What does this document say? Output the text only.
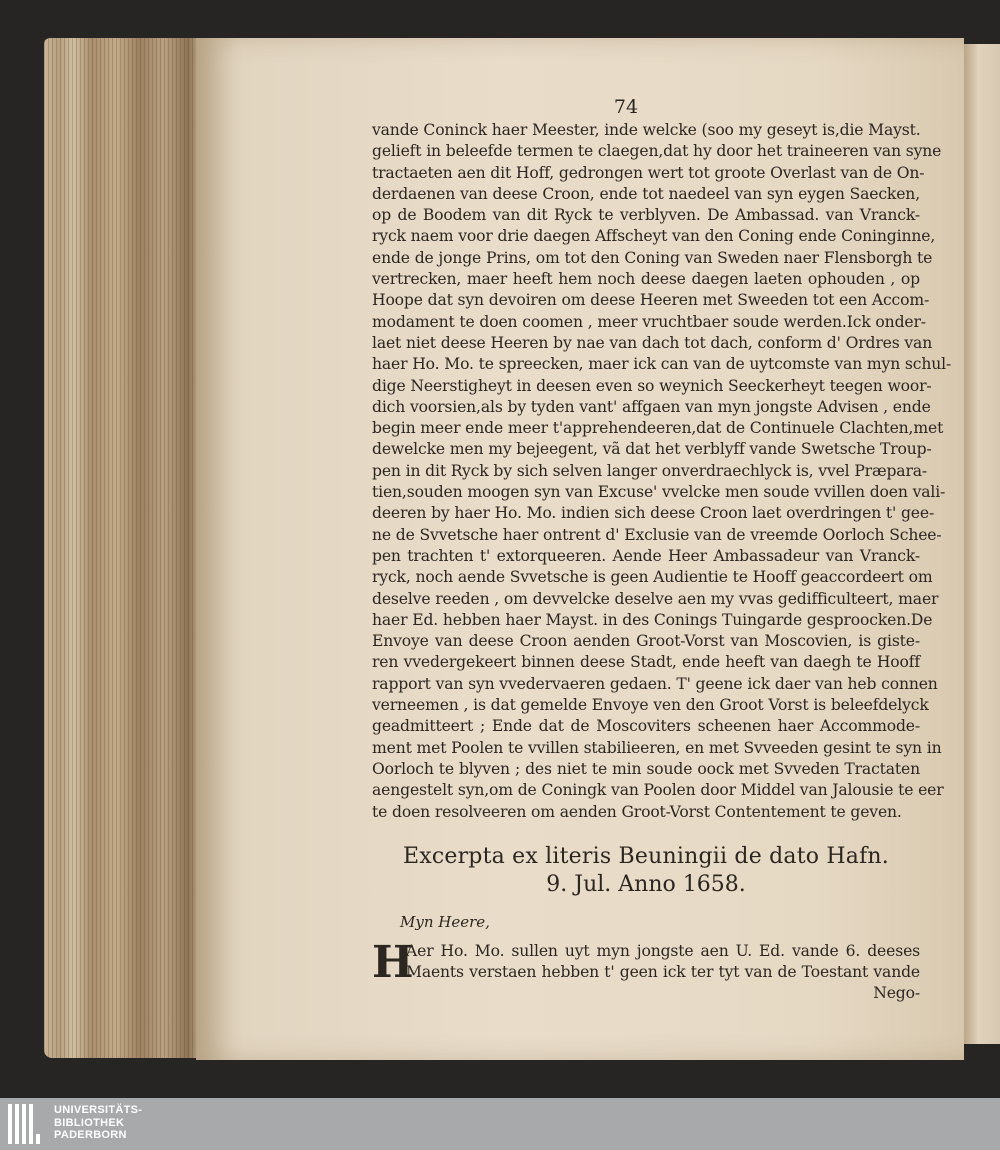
74
vande Coninck haer Meester, inde welcke (soo my geseyt is,die Mayst.
gelieft in beleefde termen te claegen,dat hy door het traineeren van syne
tractaeten aen dit Hoff, gedrongen wert tot groote Overlast van de On-
derdaenen van deese Croon, ende tot naedeel van syn eygen Saecken,
op de Boodem van dit Ryck te verblyven. De Ambassad. van Vranck-
ryck naem voor drie daegen Affscheyt van den Coning ende Coninginne,
ende de jonge Prins, om tot den Coning van Sweden naer Flensborgh te
vertrecken, maer heeft hem noch deese daegen laeten ophouden , op
Hoope dat syn devoiren om deese Heeren met Sweeden tot een Accom-
modament te doen coomen , meer vruchtbaer soude werden.Ick onder-
laet niet deese Heeren by nae van dach tot dach, conform d' Ordres van
haer Ho. Mo. te spreecken, maer ick can van de uytcomste van myn schul-
dige Neerstigheyt in deesen even so weynich Seeckerheyt teegen woor-
dich voorsien,als by tyden vant' affgaen van myn jongste Advisen , ende
begin meer ende meer t'apprehendeeren,dat de Continuele Clachten,met
dewelcke men my bejeegent, vã dat het verblyff vande Swetsche Troup-
pen in dit Ryck by sich selven langer onverdraechlyck is, vvel Præpara-
tien,souden moogen syn van Excuse' vvelcke men soude vvillen doen vali-
deeren by haer Ho. Mo. indien sich deese Croon laet overdringen t' gee-
ne de Svvetsche haer ontrent d' Exclusie van de vreemde Oorloch Schee-
pen trachten t' extorqueeren. Aende Heer Ambassadeur van Vranck-
ryck, noch aende Svvetsche is geen Audientie te Hooff geaccordeert om
deselve reeden , om devvelcke deselve aen my vvas gedifficulteert, maer
haer Ed. hebben haer Mayst. in des Conings Tuingarde gesproocken.De
Envoye van deese Croon aenden Groot-Vorst van Moscovien, is giste-
ren vvedergekeert binnen deese Stadt, ende heeft van daegh te Hooff
rapport van syn vvedervaeren gedaen. T' geene ick daer van heb connen
verneemen , is dat gemelde Envoye ven den Groot Vorst is beleefdelyck
geadmitteert ; Ende dat de Moscoviters scheenen haer Accommode-
ment met Poolen te vvillen stabilieeren, en met Svveeden gesint te syn in
Oorloch te blyven ; des niet te min soude oock met Svveden Tractaten
aengestelt syn,om de Coningk van Poolen door Middel van Jalousie te eer
te doen resolveeren om aenden Groot-Vorst Contentement te geven.
Excerpta ex literis Beuningii de dato Hafn.
9. Jul. Anno 1658.
Myn Heere,
H
Aer Ho. Mo. sullen uyt myn jongste aen U. Ed. vande 6. deeses
Maents verstaen hebben t' geen ick ter tyt van de Toestant vande
Nego-
UNIVERSITÄTS-
BIBLIOTHEK
PADERBORN
